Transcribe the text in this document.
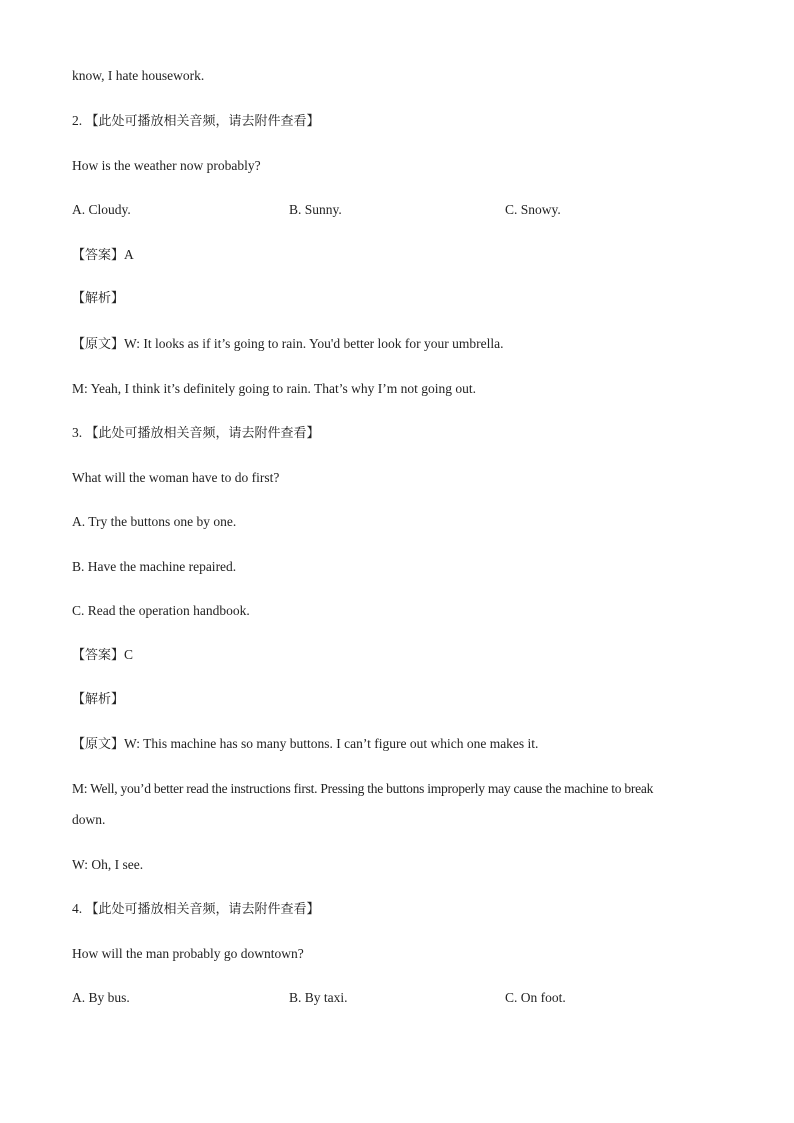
know, I hate housework.
2. 【此处可播放相关音频，请去附件查看】
How is the weather now probably?
A. Cloudy.	B. Sunny.	C. Snowy.
【答案】A
【解析】
【原文】W: It looks as if it’s going to rain. You'd better look for your umbrella.
M: Yeah, I think it’s definitely going to rain. That’s why I’m not going out.
3. 【此处可播放相关音频，请去附件查看】
What will the woman have to do first?
A. Try the buttons one by one.
B. Have the machine repaired.
C. Read the operation handbook.
【答案】C
【解析】
【原文】W: This machine has so many buttons. I can’t figure out which one makes it.
M: Well, you’d better read the instructions first. Pressing the buttons improperly may cause the machine to break
down.
W: Oh, I see.
4. 【此处可播放相关音频，请去附件查看】
How will the man probably go downtown?
A. By bus.	B. By taxi.	C. On foot.
